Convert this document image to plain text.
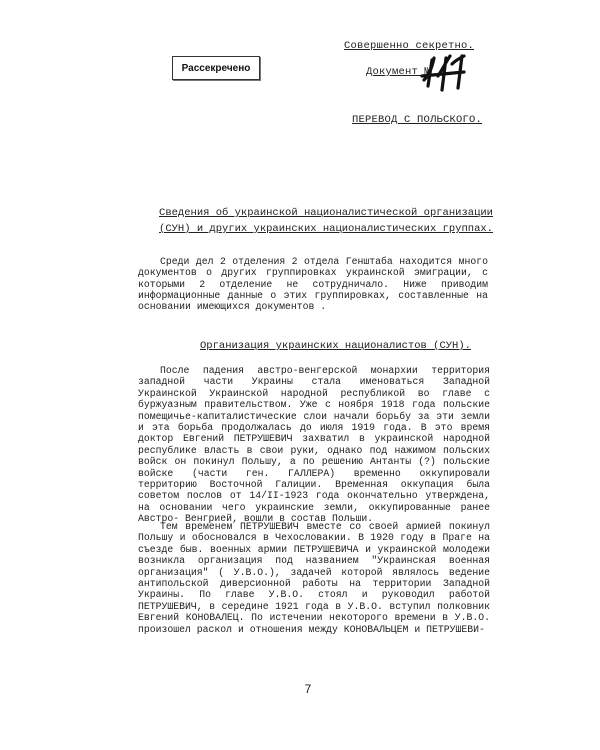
Рассекречено
Совершенно секретно.
Документ №
ПЕРЕВОД С ПОЛЬСКОГО.
Сведения об украинской националистической организации
(СУН) и других украинских националистических группах.
Среди дел 2 отделения 2 отдела Генштаба находится много документов о других группировках украинской эмиграции, с которыми 2 отделение не сотрудничало. Ниже приводим информационные данные о этих группировках, составленные на основании имеющихся документов .
Организация украинских националистов (СУН).
После падения австро-венгерской монархии территория западной части Украины стала именоваться Западной Украинской Украинской народной республикой во главе с буржуазным правительством. Уже с ноября 1918 года польские помещичье-капиталистические слои начали борьбу за эти земли и эта борьба продолжалась до июля 1919 года. В это время доктор Евгений ПЕТРУШЕВИЧ захватил в украинской народной республике власть в свои руки, однако под нажимом польских войск он покинул Польшу, а по решению Антанты (?) польские войске (части ген. ГАЛЛЕРА) временно оккупировали территорию Восточной Галиции. Временная оккупация была советом послов от 14/II-1923 года окончательно утверждена, на основании чего украинские земли, оккупированные ранее Австро- Венгрией, вошли в состав Польши.
Тем временем ПЕТРУШЕВИЧ вместе со своей армией покинул Польшу и обосновался в Чехословакии. В 1920 году в Праге на съезде быв. военных армии ПЕТРУШЕВИЧА и украинской молодежи возникла организация под названием "Украинская военная организация" ( У.В.О.), задачей которой являлось ведение антипольской диверсионной работы на территории Западной Украины. По главе У.В.О. стоял и руководил работой ПЕТРУШЕВИЧ, в середине 1921 года в У.В.О. вступил полковник Евгений КОНОВАЛЕЦ. По истечении некоторого времени в У.В.О. произошел раскол и отношения между КОНОВАЛЬЦЕМ и ПЕТРУШЕВИ-
7
